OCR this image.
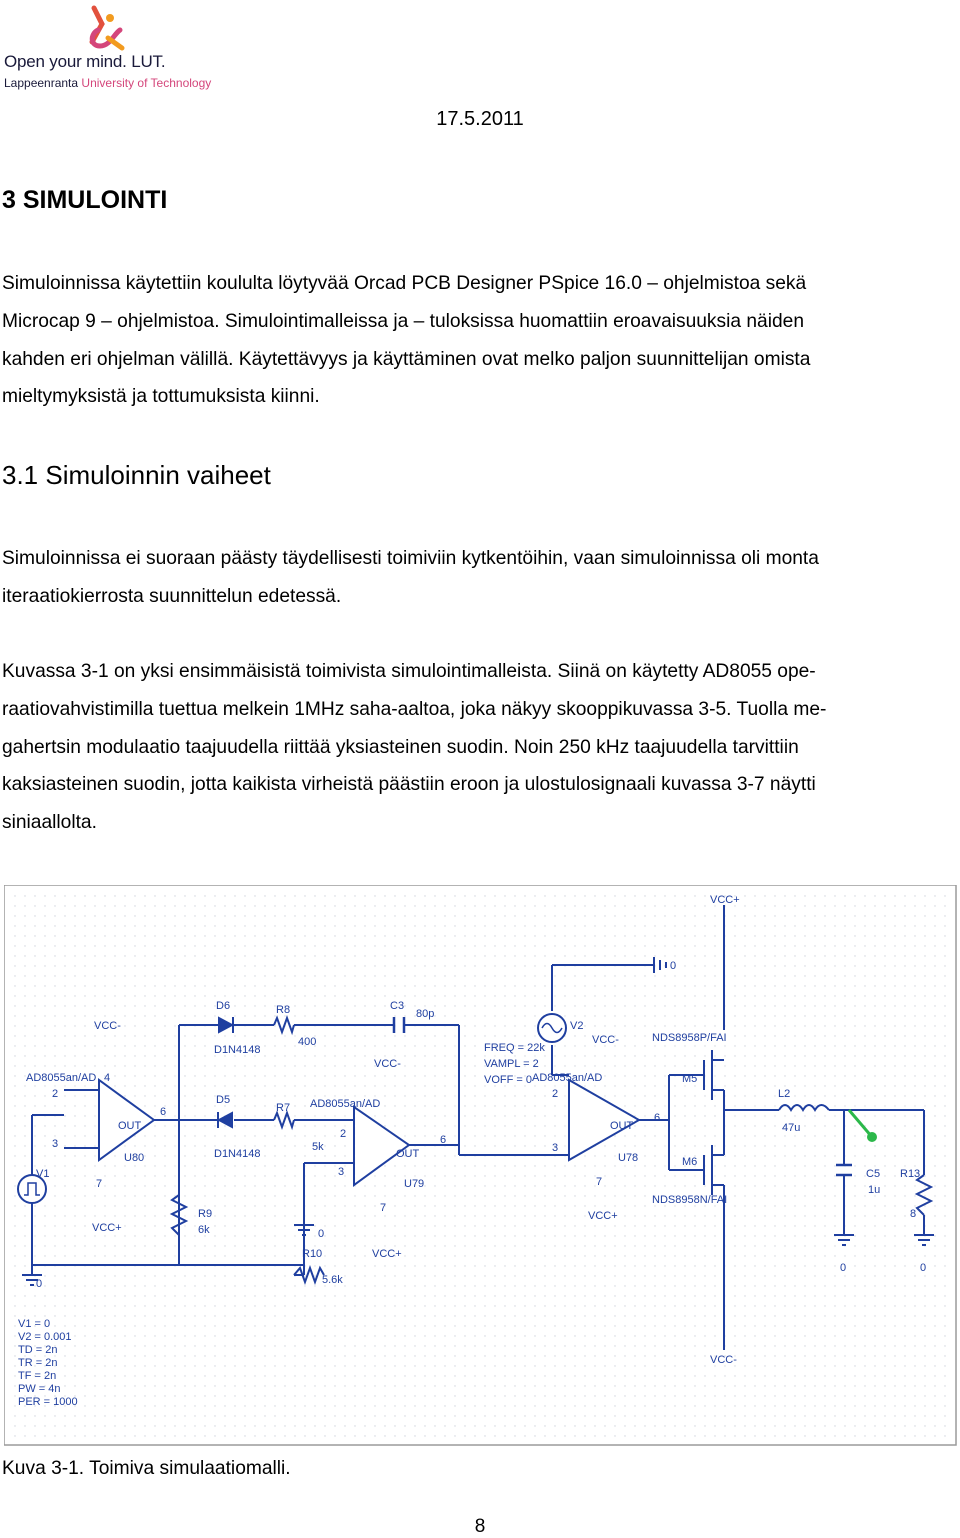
Open your mind. LUT.
Lappeenranta University of Technology
17.5.2011
3 SIMULOINTI

Simuloinnissa käytettiin koululta löytyvää Orcad PCB Designer PSpice 16.0 – ohjelmistoa sekä
Microcap 9 – ohjelmistoa. Simulointimalleissa ja – tuloksissa huomattiin eroavaisuuksia näiden
kahden eri ohjelman välillä. Käytettävyys ja käyttäminen ovat melko paljon suunnittelijan omista
mieltymyksistä ja tottumuksista kiinni.

3.1 Simuloinnin vaiheet

Simuloinnissa ei suoraan päästy täydellisesti toimiviin kytkentöihin, vaan simuloinnissa oli monta
iteraatiokierrosta suunnittelun edetessä.

Kuvassa 3-1 on yksi ensimmäisistä toimivista simulointimalleista. Siinä on käytetty AD8055 ope-
raatiovahvistimilla tuettua melkein 1MHz saha-aaltoa, joka näkyy skooppikuvassa 3-5. Tuolla me-
gahertsin modulaatio taajuudella riittää yksiasteinen suodin. Noin 250 kHz taajuudella tarvittiin
kaksiasteinen suodin, jotta kaikista virheistä päästiin eroon ja ulostulosignaali kuvassa 3-7 näytti
siniaallolta.

VCC+
0
D6	R8	C3
80p
V2
D1N4148
400
VCC-
VCC-
VCC-	NDS8958P/FAI
FREQ = 22k
VAMPL = 2
VOFF = 0
AD8055an/AD
AD8055an/AD
AD8055an/AD	M5
D5
R7
L2
47u
2
3
OUT
6
U80	D1N4148
5k
2
3
OUT
6
U79
2
3
OUT
6
U78	M6
NDS8958N/FAI
C5
1u
R13
8
V1
R9
6k
7
4
VCC+
7
VCC+
7
VCC+
0
R10
5.6k
0
0	0
VCC-
V1 = 0
V2 = 0.001
TD = 2n
TR = 2n
TF = 2n
PW = 4n
PER = 1000
Kuva 3-1. Toimiva simulaatiomalli.
8
